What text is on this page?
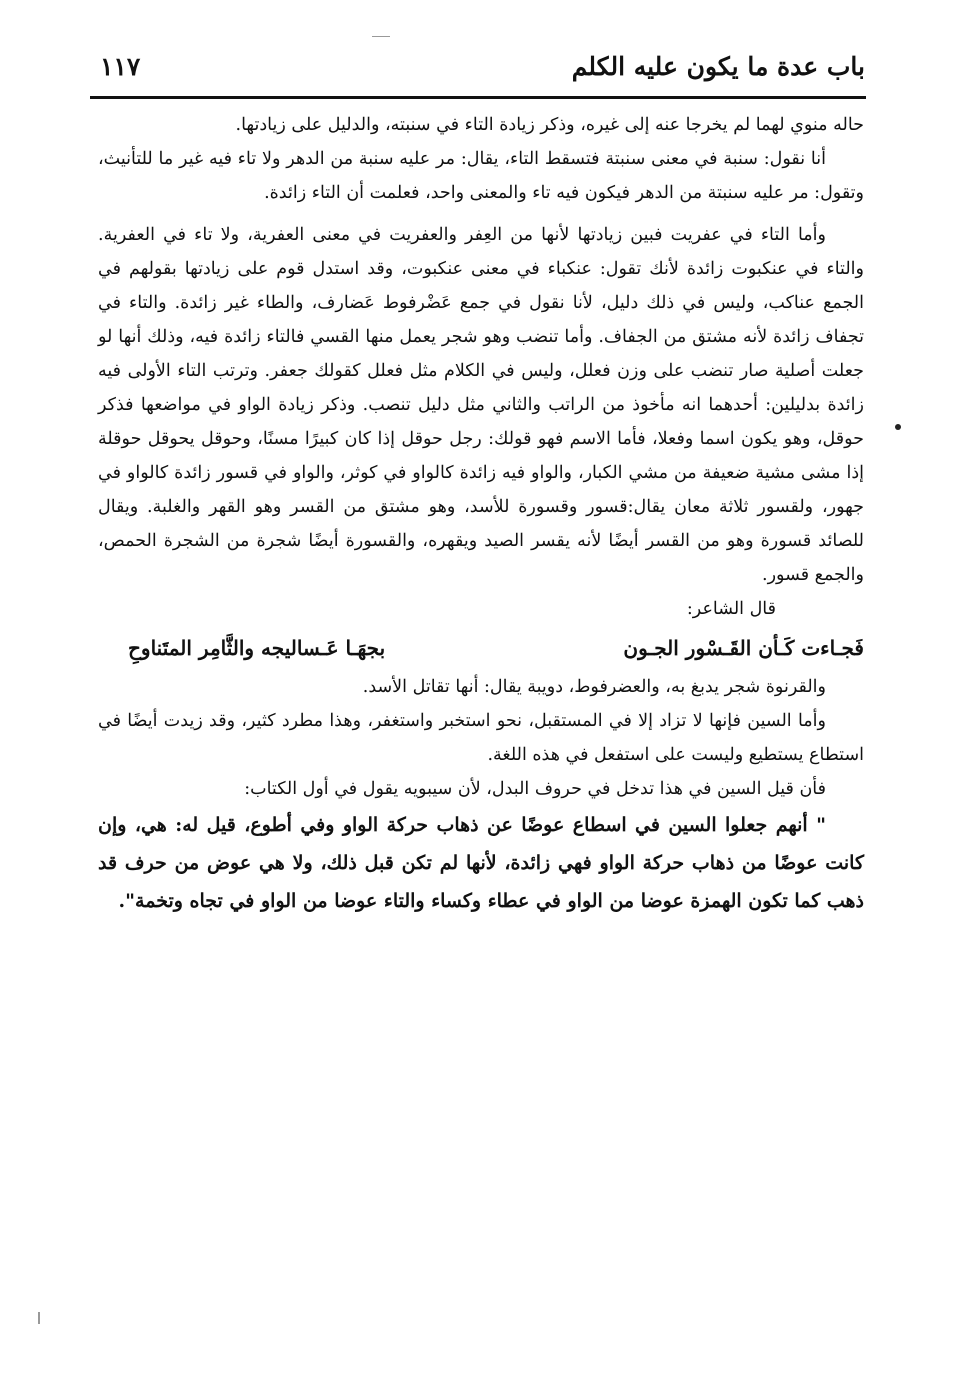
باب عدة ما يكون عليه الكلم
١١٧

حاله منوي لهما لم يخرجا عنه إلى غيره، وذكر زيادة التاء في سنبته، والدليل على زيادتها.

أنا نقول: سنبة في معنى سنبتة فتسقط التاء، يقال: مر عليه سنبة من الدهر ولا تاء فيه غير ما للتأنيث، وتقول: مر عليه سنبتة من الدهر فيكون فيه تاء والمعنى واحد، فعلمت أن التاء زائدة.

وأما التاء في عفريت فبين زيادتها لأنها من العِفر والعفريت في معنى العفرية، ولا تاء في العفرية. والتاء في عنكبوت زائدة لأنك تقول: عنكباء في معنى عنكبوت، وقد استدل قوم على زيادتها بقولهم في الجمع عناكب، وليس في ذلك دليل، لأنا نقول في جمع عَضْرفوط عَضارف، والطاء غير زائدة. والتاء في تجفاف زائدة لأنه مشتق من الجفاف. وأما تنضب وهو شجر يعمل منها القسي فالتاء زائدة فيه، وذلك أنها لو جعلت أصلية صار تنضب على وزن فعلل، وليس في الكلام مثل فعلل كقولك جعفر. وترتب التاء الأولى فيه زائدة بدليلين: أحدهما انه مأخوذ من الراتب والثاني مثل دليل تنصب. وذكر زيادة الواو في مواضعها فذكر حوقل، وهو يكون اسما وفعلا، فأما الاسم فهو قولك: رجل حوقل إذا كان كبيرًا مسنًا، وحوقل يحوقل حوقلة إذا مشى مشية ضعيفة من مشي الكبار، والواو فيه زائدة كالواو في كوثر، والواو في قسور زائدة كالواو في جهور، ولقسور ثلاثة معان يقال:قسور وقسورة للأسد، وهو مشتق من القسر وهو القهر والغلبة. ويقال للصائد قسورة وهو من القسر أيضًا لأنه يقسر الصيد ويقهره، والقسورة أيضًا شجرة من الشجرة الحمص، والجمع قسور.

قال الشاعر:

فَجـاءت كَـأن القَـسْور الجـون
بجهَـا عَـساليجه والثَّامِر المتَناوحِ

والقرنوة شجر يدبغ به، والعضرفوط، دويبة يقال: أنها تقاتل الأسد.

وأما السين فإنها لا تزاد إلا في المستقبل، نحو استخبر واستغفر، وهذا مطرد كثير، وقد زيدت أيضًا في استطاع يستطيع وليست على استفعل في هذه اللغة.

فأن قيل السين في هذا تدخل في حروف البدل، لأن سيبويه يقول في أول الكتاب:

" أنهم جعلوا السين في اسطاع عوضًا عن ذهاب حركة الواو وفي أطوع، قيل له: هي، وإن كانت عوضًا من ذهاب حركة الواو فهي زائدة، لأنها لم تكن قبل ذلك، ولا هي عوض من حرف قد ذهب كما تكون الهمزة عوضا من الواو في عطاء وكساء والتاء عوضا من الواو في تجاه وتخمة".
